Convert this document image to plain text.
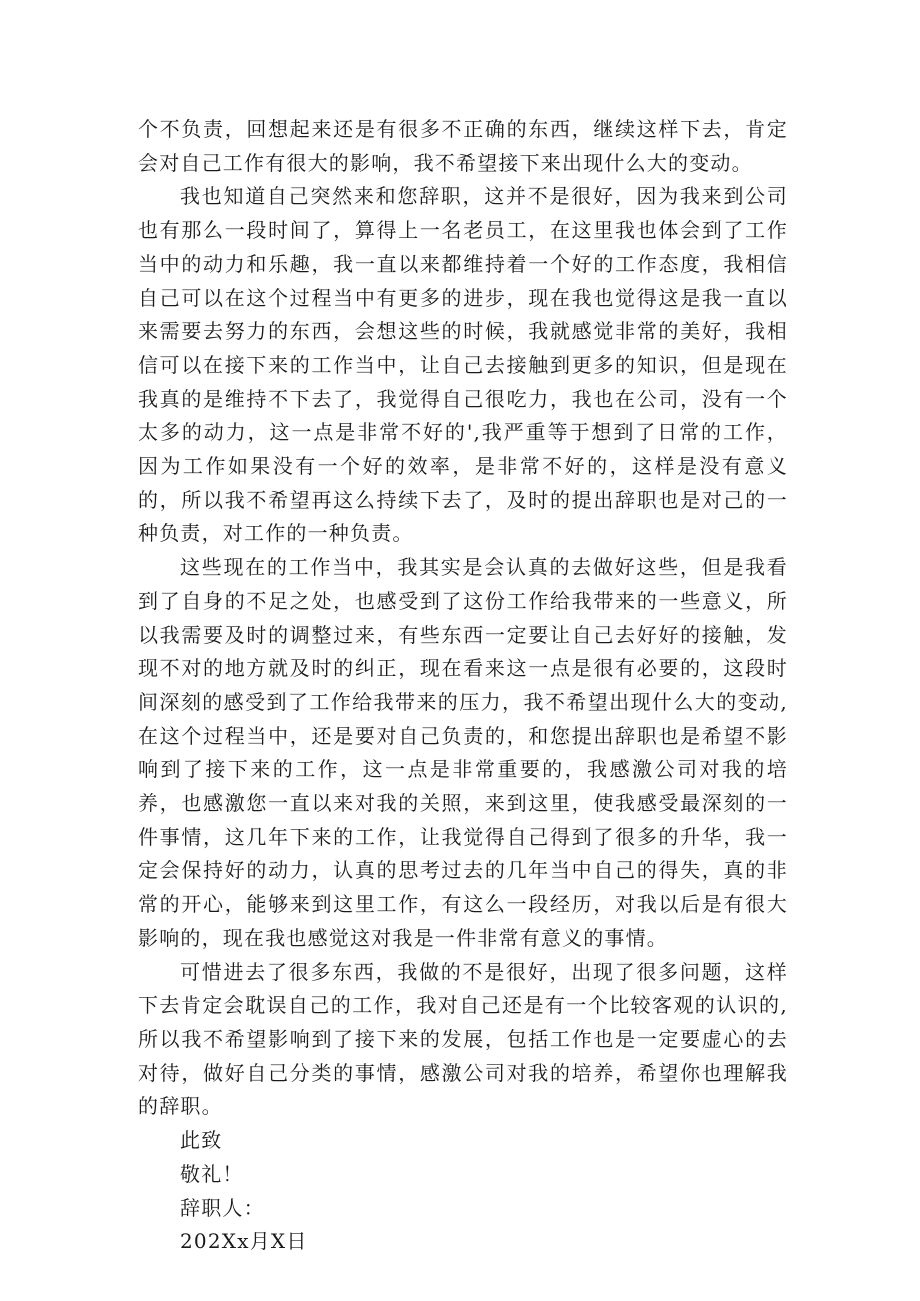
个不负责，回想起来还是有很多不正确的东西，继续这样下去，肯定会对自己工作有很大的影响，我不希望接下来出现什么大的变动。

我也知道自己突然来和您辞职，这并不是很好，因为我来到公司也有那么一段时间了，算得上一名老员工，在这里我也体会到了工作当中的动力和乐趣，我一直以来都维持着一个好的工作态度，我相信自己可以在这个过程当中有更多的进步，现在我也觉得这是我一直以来需要去努力的东西，会想这些的时候，我就感觉非常的美好，我相信可以在接下来的工作当中，让自己去接触到更多的知识，但是现在我真的是维持不下去了，我觉得自己很吃力，我也在公司，没有一个太多的动力，这一点是非常不好的',我严重等于想到了日常的工作，因为工作如果没有一个好的效率，是非常不好的，这样是没有意义的，所以我不希望再这么持续下去了，及时的提出辞职也是对己的一种负责，对工作的一种负责。

这些现在的工作当中，我其实是会认真的去做好这些，但是我看到了自身的不足之处，也感受到了这份工作给我带来的一些意义，所以我需要及时的调整过来，有些东西一定要让自己去好好的接触，发现不对的地方就及时的纠正，现在看来这一点是很有必要的，这段时间深刻的感受到了工作给我带来的压力，我不希望出现什么大的变动,在这个过程当中，还是要对自己负责的，和您提出辞职也是希望不影响到了接下来的工作，这一点是非常重要的，我感激公司对我的培养，也感激您一直以来对我的关照，来到这里，使我感受最深刻的一件事情，这几年下来的工作，让我觉得自己得到了很多的升华，我一定会保持好的动力，认真的思考过去的几年当中自己的得失，真的非常的开心，能够来到这里工作，有这么一段经历，对我以后是有很大影响的，现在我也感觉这对我是一件非常有意义的事情。

可惜进去了很多东西，我做的不是很好，出现了很多问题，这样下去肯定会耽误自己的工作，我对自己还是有一个比较客观的认识的,所以我不希望影响到了接下来的发展，包括工作也是一定要虚心的去对待，做好自己分类的事情，感激公司对我的培养，希望你也理解我的辞职。

此致

敬礼！

辞职人：

202Xx月X日
